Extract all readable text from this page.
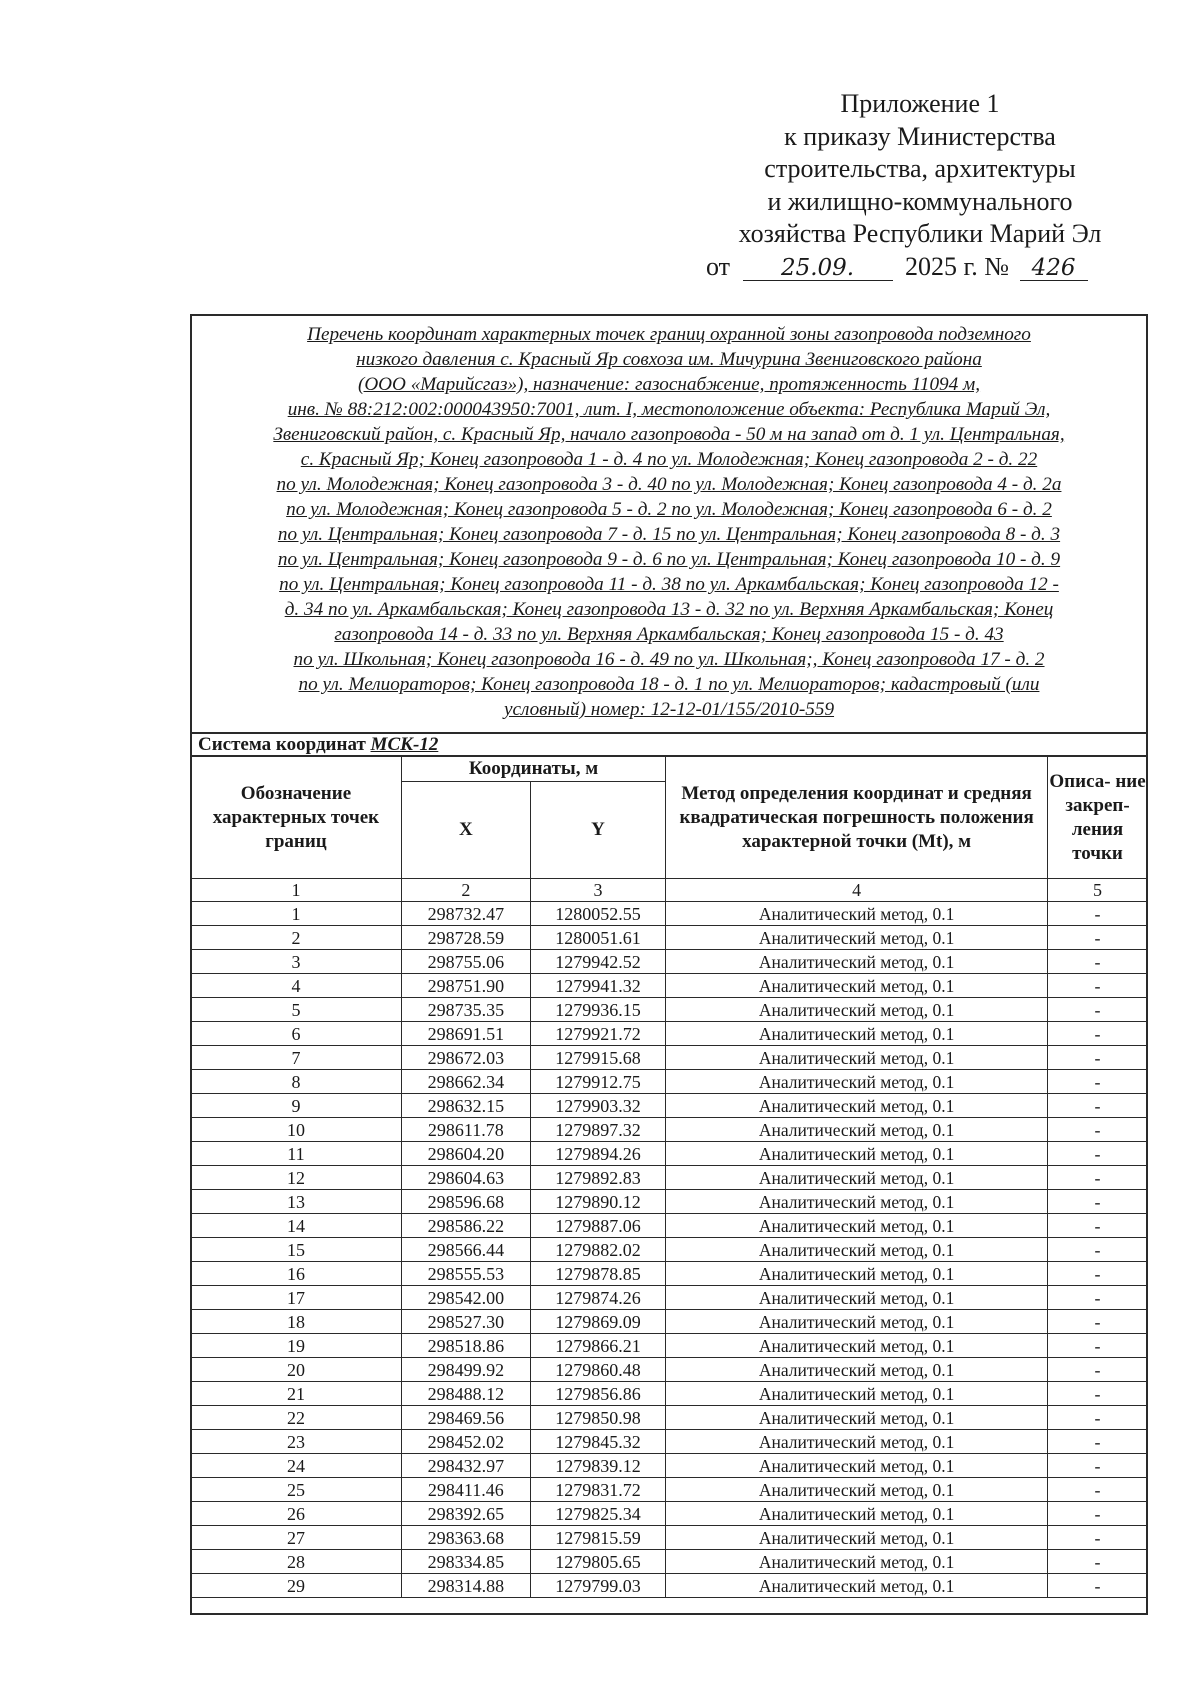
Приложение 1
к приказу Министерства
строительства, архитектуры
и жилищно-коммунального
хозяйства Республики Марий Эл
от 25.09. 2025 г. № 426
Перечень координат характерных точек границ охранной зоны газопровода подземного
низкого давления с. Красный Яр совхоза им. Мичурина Звениговского района
(ООО «Марийсгаз»), назначение: газоснабжение, протяженность 11094 м,
инв. № 88:212:002:000043950:7001, лит. I, местоположение объекта: Республика Марий Эл,
Звениговский район, с. Красный Яр, начало газопровода - 50 м на запад от д. 1 ул. Центральная,
с. Красный Яр; Конец газопровода 1 - д. 4 по ул. Молодежная; Конец газопровода 2 - д. 22
по ул. Молодежная; Конец газопровода 3 - д. 40 по ул. Молодежная; Конец газопровода 4 - д. 2а
по ул. Молодежная; Конец газопровода 5 - д. 2 по ул. Молодежная; Конец газопровода 6 - д. 2
по ул. Центральная; Конец газопровода 7 - д. 15 по ул. Центральная; Конец газопровода 8 - д. 3
по ул. Центральная; Конец газопровода 9 - д. 6 по ул. Центральная; Конец газопровода 10 - д. 9
по ул. Центральная; Конец газопровода 11 - д. 38 по ул. Аркамбальская; Конец газопровода 12 -
д. 34 по ул. Аркамбальская; Конец газопровода 13 - д. 32 по ул. Верхняя Аркамбальская; Конец
газопровода 14 - д. 33 по ул. Верхняя Аркамбальская; Конец газопровода 15 - д. 43
по ул. Школьная; Конец газопровода 16 - д. 49 по ул. Школьная;, Конец газопровода 17 - д. 2
по ул. Мелиораторов; Конец газопровода 18 - д. 1 по ул. Мелиораторов; кадастровый (или
условный) номер: 12-12-01/155/2010-559
Система координат МСК-12
Обозначение характерных точек границ	Координаты, м		Метод определения координат и средняя квадратическая погрешность положения характерной точки (Mt), м	Описа- ние закреп- ления точки
	X	Y		
1	2	3	4	5
1	298732.47	1280052.55	Аналитический метод, 0.1	-
2	298728.59	1280051.61	Аналитический метод, 0.1	-
3	298755.06	1279942.52	Аналитический метод, 0.1	-
4	298751.90	1279941.32	Аналитический метод, 0.1	-
5	298735.35	1279936.15	Аналитический метод, 0.1	-
6	298691.51	1279921.72	Аналитический метод, 0.1	-
7	298672.03	1279915.68	Аналитический метод, 0.1	-
8	298662.34	1279912.75	Аналитический метод, 0.1	-
9	298632.15	1279903.32	Аналитический метод, 0.1	-
10	298611.78	1279897.32	Аналитический метод, 0.1	-
11	298604.20	1279894.26	Аналитический метод, 0.1	-
12	298604.63	1279892.83	Аналитический метод, 0.1	-
13	298596.68	1279890.12	Аналитический метод, 0.1	-
14	298586.22	1279887.06	Аналитический метод, 0.1	-
15	298566.44	1279882.02	Аналитический метод, 0.1	-
16	298555.53	1279878.85	Аналитический метод, 0.1	-
17	298542.00	1279874.26	Аналитический метод, 0.1	-
18	298527.30	1279869.09	Аналитический метод, 0.1	-
19	298518.86	1279866.21	Аналитический метод, 0.1	-
20	298499.92	1279860.48	Аналитический метод, 0.1	-
21	298488.12	1279856.86	Аналитический метод, 0.1	-
22	298469.56	1279850.98	Аналитический метод, 0.1	-
23	298452.02	1279845.32	Аналитический метод, 0.1	-
24	298432.97	1279839.12	Аналитический метод, 0.1	-
25	298411.46	1279831.72	Аналитический метод, 0.1	-
26	298392.65	1279825.34	Аналитический метод, 0.1	-
27	298363.68	1279815.59	Аналитический метод, 0.1	-
28	298334.85	1279805.65	Аналитический метод, 0.1	-
29	298314.88	1279799.03	Аналитический метод, 0.1	-
